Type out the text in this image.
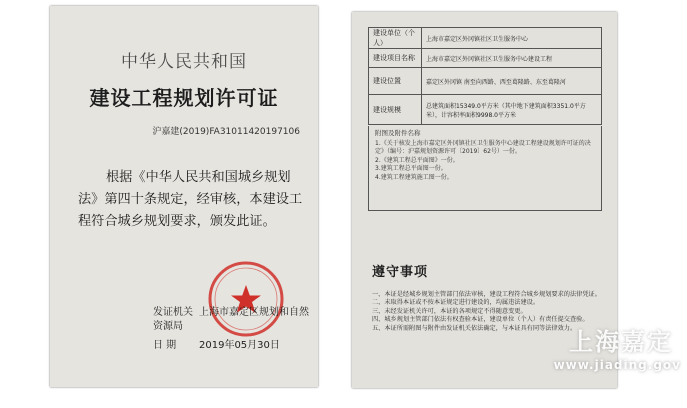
中华人民共和国
建设工程规划许可证
沪嘉建(2019)FA31011420197106
根据《中华人民共和国城乡规划法》第四十条规定，经审核，本建设工程符合城乡规划要求，颁发此证。
发证机关 上海市嘉定区规划和自然资源局
日 期 2019年05月30日
建设单位（个人）	上海市嘉定区外冈镇社区卫生服务中心
建设项目名称	上海市嘉定区外冈镇社区卫生服务中心建设工程
建设位置	嘉定区外冈镇 南至向西路、西至葛隆路、东至葛隆河
建设规模	总建筑面积15349.0平方米（其中地下建筑面积3351.0平方米），计容积率面积9998.0平方米
附图及附件名称
1.《关于核发上海市嘉定区外冈镇社区卫生服务中心建设工程建设规划许可证的决定》（编号：沪嘉规划资源许可〔2019〕62号）一份。
2.《建筑工程总平面图》一份。
3.建筑工程总平面图一份。
4.建筑工程建筑施工图一份。
遵守事项
一、本证是经城乡规划主管部门依法审核，建设工程符合城乡规划要求的法律凭证。
二、未取得本证或不按本证规定进行建设的，均属违法建设。
三、未经发证机关许可，本证的各项规定不得随意变更。
四、城乡规划主管部门依法有权查验本证，建设单位（个人）有责任提交查验。
五、本证所需附图与附件由发证机关依法确定，与本证具有同等法律效力。
上海嘉定
www.jiading.gov
